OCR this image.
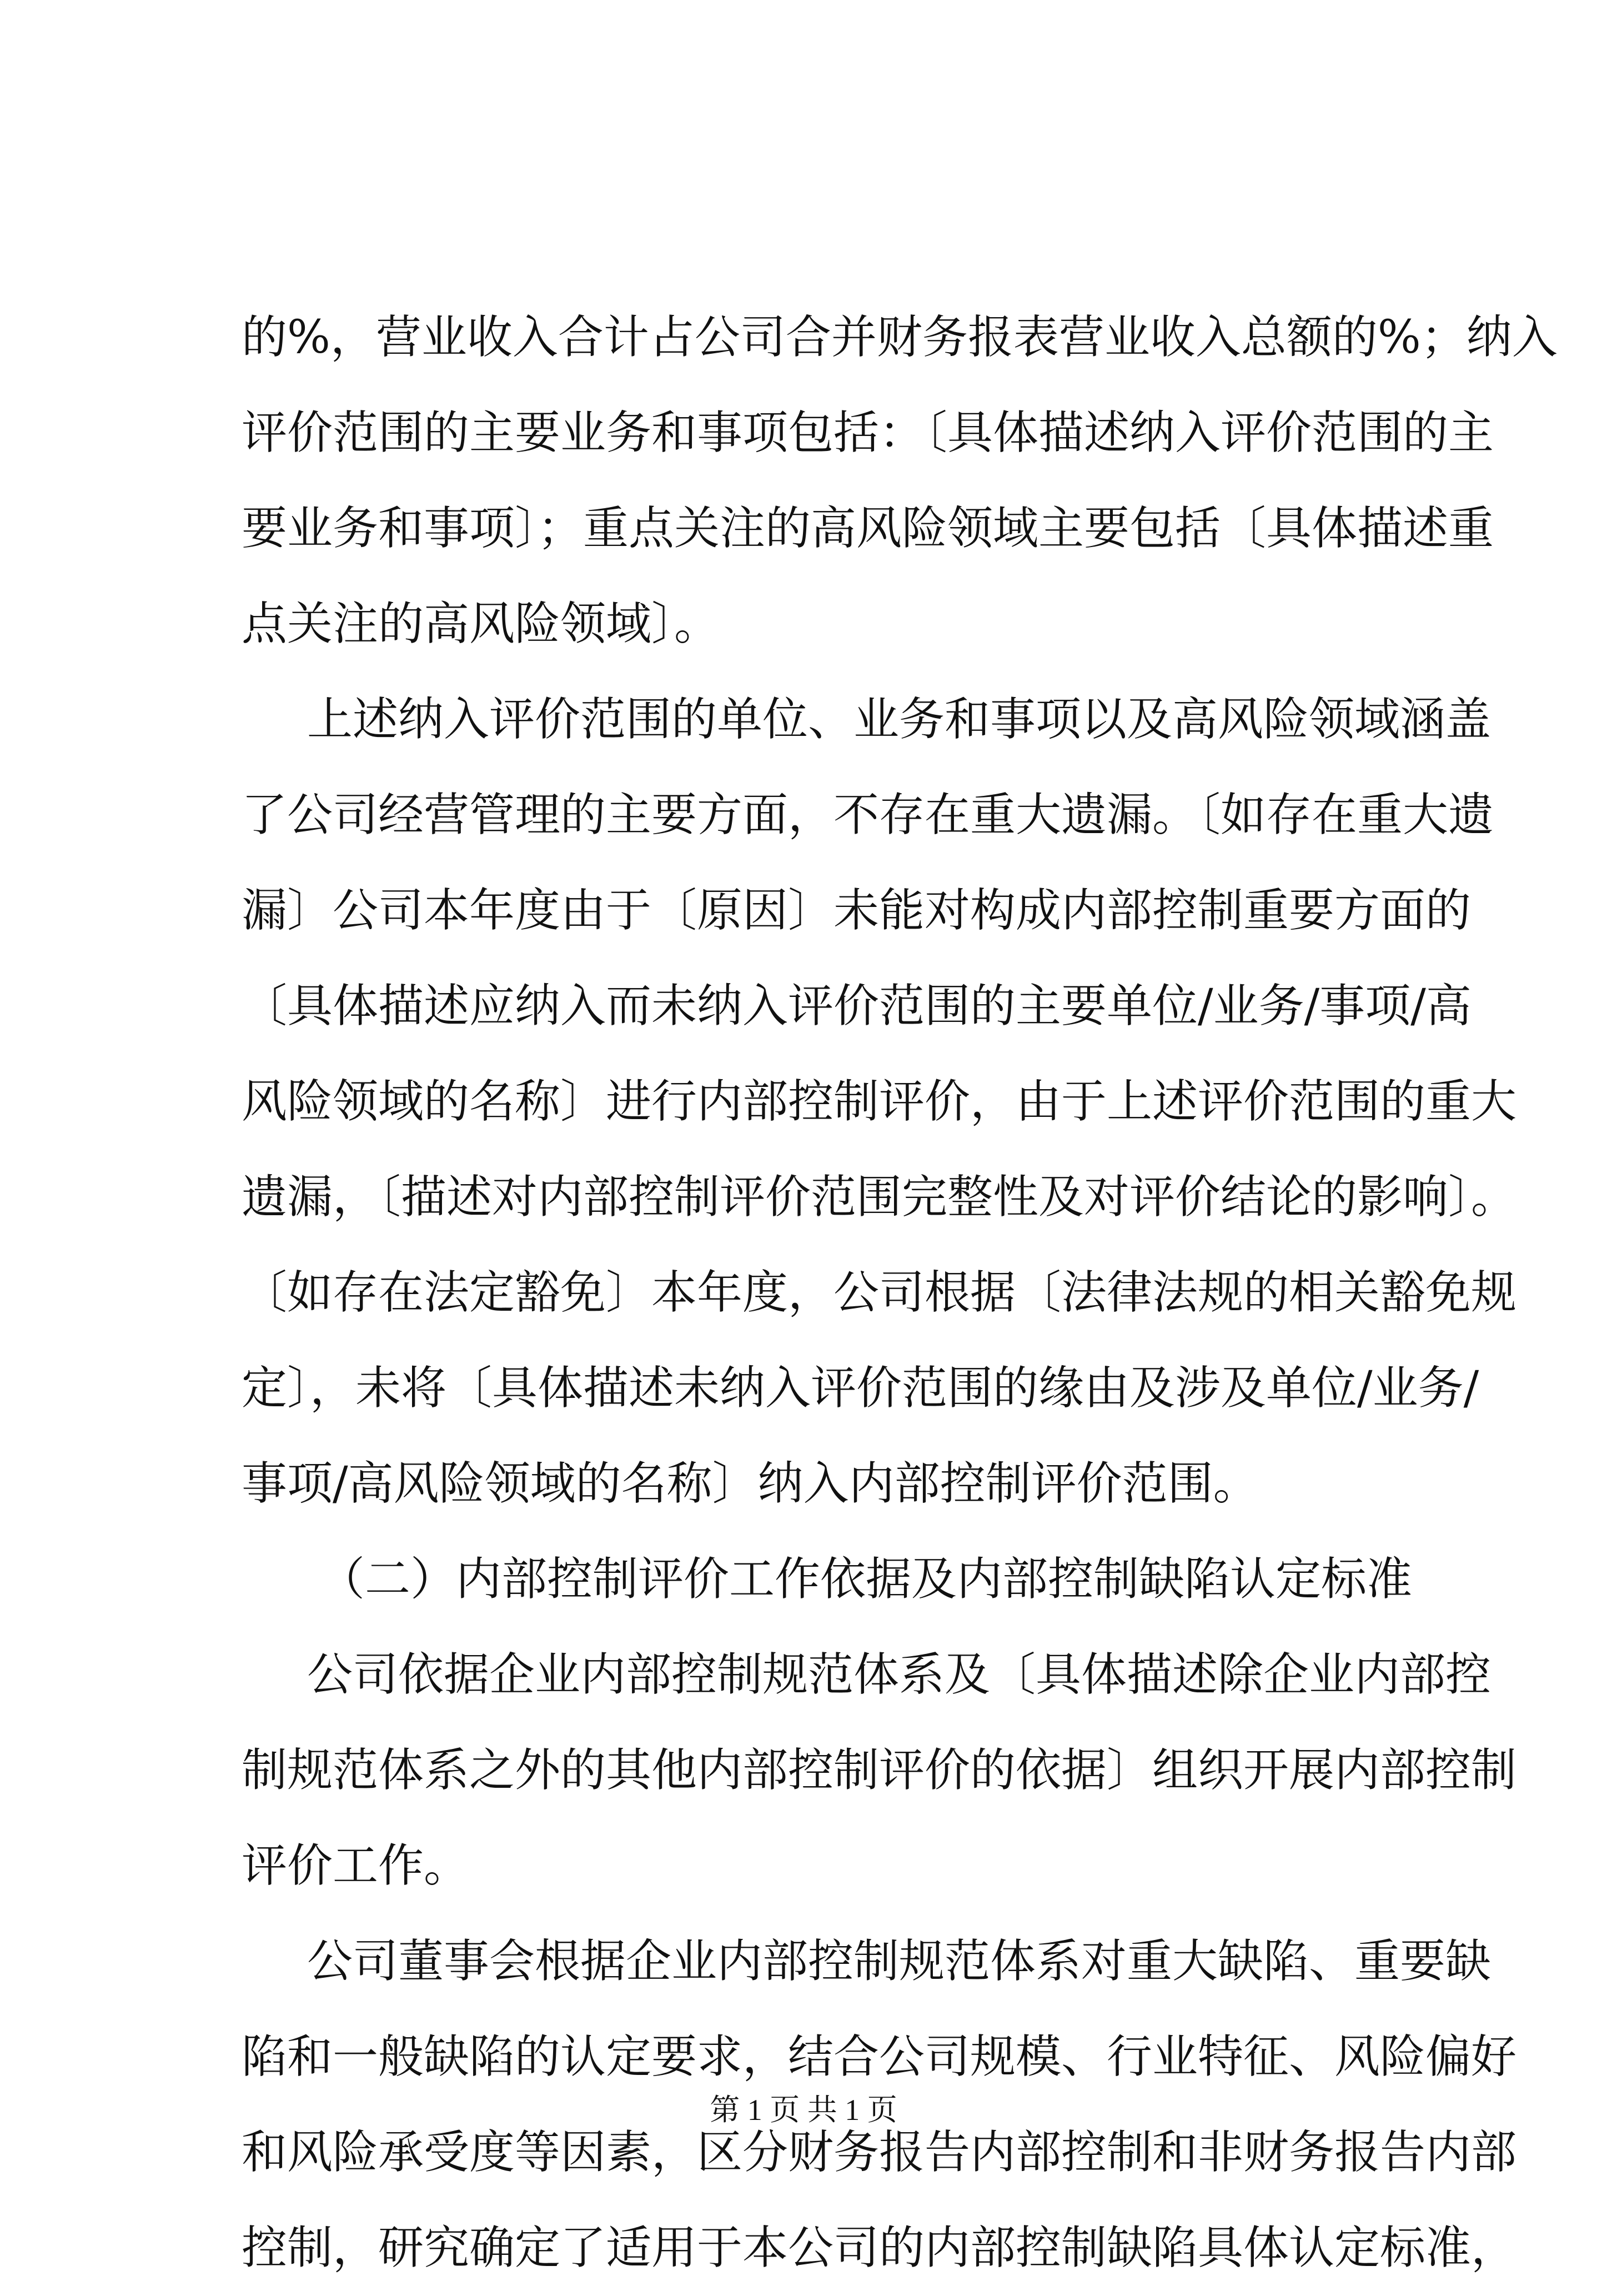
的%，营业收入合计占公司合并财务报表营业收入总额的%；纳入
评价范围的主要业务和事项包括：〔具体描述纳入评价范围的主
要业务和事项〕；重点关注的高风险领域主要包括〔具体描述重
点关注的高风险领域〕。
上述纳入评价范围的单位、业务和事项以及高风险领域涵盖
了公司经营管理的主要方面，不存在重大遗漏。〔如存在重大遗
漏〕公司本年度由于〔原因〕未能对构成内部控制重要方面的
〔具体描述应纳入而未纳入评价范围的主要单位/业务/事项/高
风险领域的名称〕进行内部控制评价，由于上述评价范围的重大
遗漏，〔描述对内部控制评价范围完整性及对评价结论的影响〕。
〔如存在法定豁免〕本年度，公司根据〔法律法规的相关豁免规
定〕，未将〔具体描述未纳入评价范围的缘由及涉及单位/业务/
事项/高风险领域的名称〕纳入内部控制评价范围。
（二）内部控制评价工作依据及内部控制缺陷认定标准
公司依据企业内部控制规范体系及〔具体描述除企业内部控
制规范体系之外的其他内部控制评价的依据〕组织开展内部控制
评价工作。
公司董事会根据企业内部控制规范体系对重大缺陷、重要缺
陷和一般缺陷的认定要求，结合公司规模、行业特征、风险偏好
和风险承受度等因素，区分财务报告内部控制和非财务报告内部
控制，研究确定了适用于本公司的内部控制缺陷具体认定标准，
第 1 页 共 1 页
